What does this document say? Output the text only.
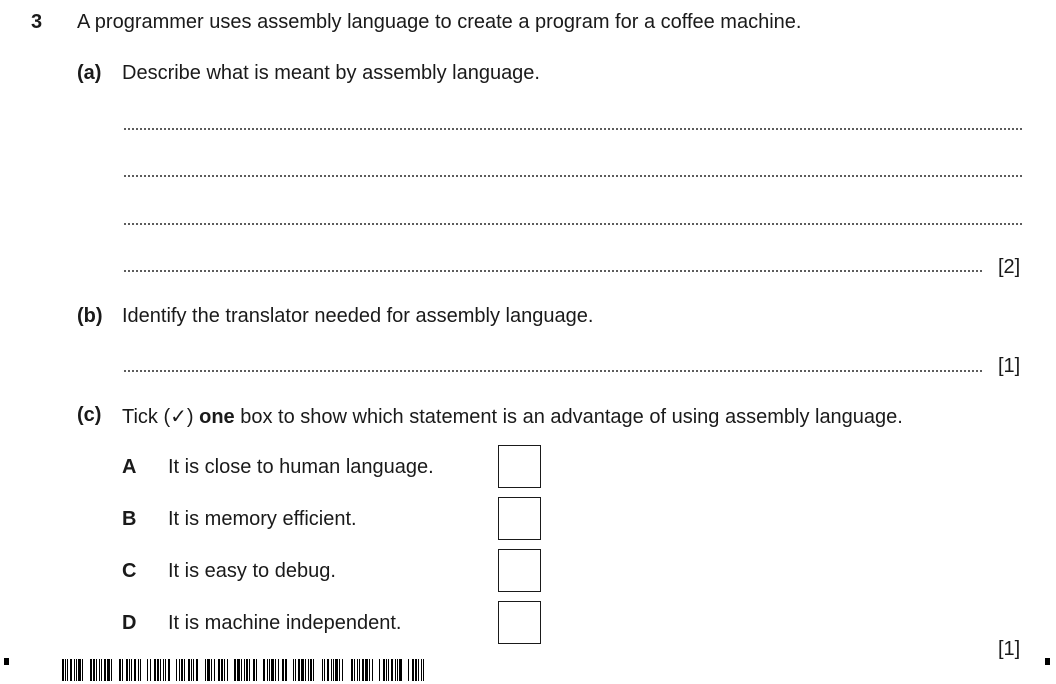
3 A programmer uses assembly language to create a program for a coffee machine.
(a) Describe what is meant by assembly language.
[2]
(b) Identify the translator needed for assembly language.
[1]
(c) Tick (✓) one box to show which statement is an advantage of using assembly language.
A It is close to human language.
B It is memory efficient.
C It is easy to debug.
D It is machine independent.
[1]
